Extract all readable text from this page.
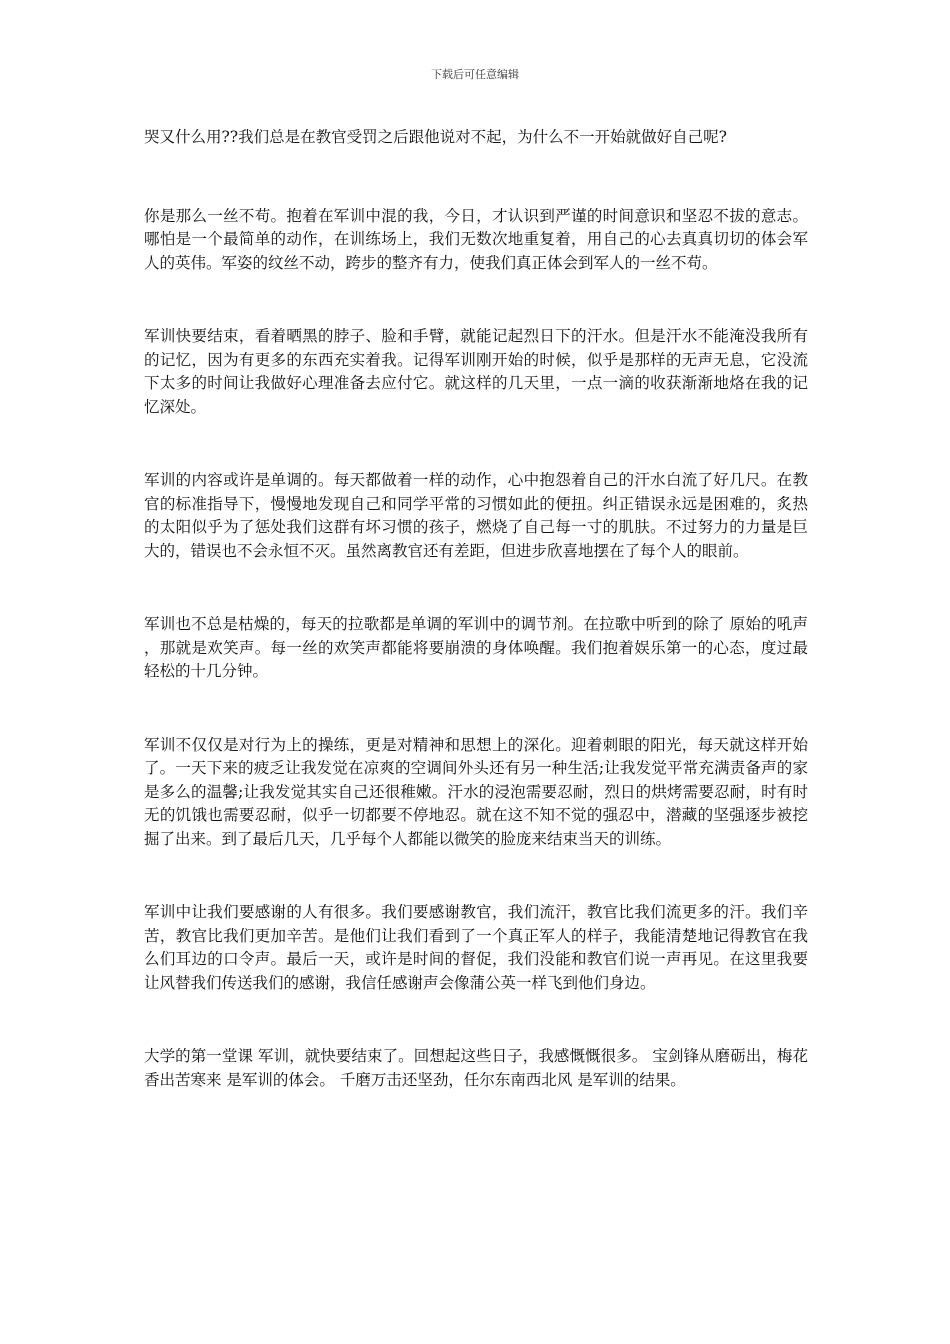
下载后可任意编辑

哭又什么用??我们总是在教官受罚之后跟他说对不起，为什么不一开始就做好自己呢?

你是那么一丝不苟。抱着在军训中混的我，今日，才认识到严谨的时间意识和坚忍不拔的意志。哪怕是一个最简单的动作，在训练场上，我们无数次地重复着，用自己的心去真真切切的体会军人的英伟。军姿的纹丝不动，跨步的整齐有力，使我们真正体会到军人的一丝不苟。

军训快要结束，看着晒黑的脖子、脸和手臂，就能记起烈日下的汗水。但是汗水不能淹没我所有的记忆，因为有更多的东西充实着我。记得军训刚开始的时候，似乎是那样的无声无息，它没流下太多的时间让我做好心理准备去应付它。就这样的几天里，一点一滴的收获渐渐地烙在我的记忆深处。

军训的内容或许是单调的。每天都做着一样的动作，心中抱怨着自己的汗水白流了好几尺。在教官的标准指导下，慢慢地发现自己和同学平常的习惯如此的便扭。纠正错误永远是困难的，炙热的太阳似乎为了惩处我们这群有坏习惯的孩子，燃烧了自己每一寸的肌肤。不过努力的力量是巨大的，错误也不会永恒不灭。虽然离教官还有差距，但进步欣喜地摆在了每个人的眼前。

军训也不总是枯燥的，每天的拉歌都是单调的军训中的调节剂。在拉歌中听到的除了 原始的吼声 ，那就是欢笑声。每一丝的欢笑声都能将要崩溃的身体唤醒。我们抱着娱乐第一的心态，度过最轻松的十几分钟。

军训不仅仅是对行为上的操练，更是对精神和思想上的深化。迎着刺眼的阳光，每天就这样开始了。一天下来的疲乏让我发觉在凉爽的空调间外头还有另一种生活;让我发觉平常充满责备声的家是多么的温馨;让我发觉其实自己还很稚嫩。汗水的浸泡需要忍耐，烈日的烘烤需要忍耐，时有时无的饥饿也需要忍耐，似乎一切都要不停地忍。就在这不知不觉的强忍中，潜藏的坚强逐步被挖掘了出来。到了最后几天，几乎每个人都能以微笑的脸庞来结束当天的训练。

军训中让我们要感谢的人有很多。我们要感谢教官，我们流汗，教官比我们流更多的汗。我们辛苦，教官比我们更加辛苦。是他们让我们看到了一个真正军人的样子，我能清楚地记得教官在我么们耳边的口令声。最后一天，或许是时间的督促，我们没能和教官们说一声再见。在这里我要让风替我们传送我们的感谢，我信任感谢声会像蒲公英一样飞到他们身边。

大学的第一堂课 军训，就快要结束了。回想起这些日子，我感慨慨很多。 宝剑锋从磨砺出，梅花香出苦寒来 是军训的体会。 千磨万击还坚劲，任尔东南西北风 是军训的结果。
